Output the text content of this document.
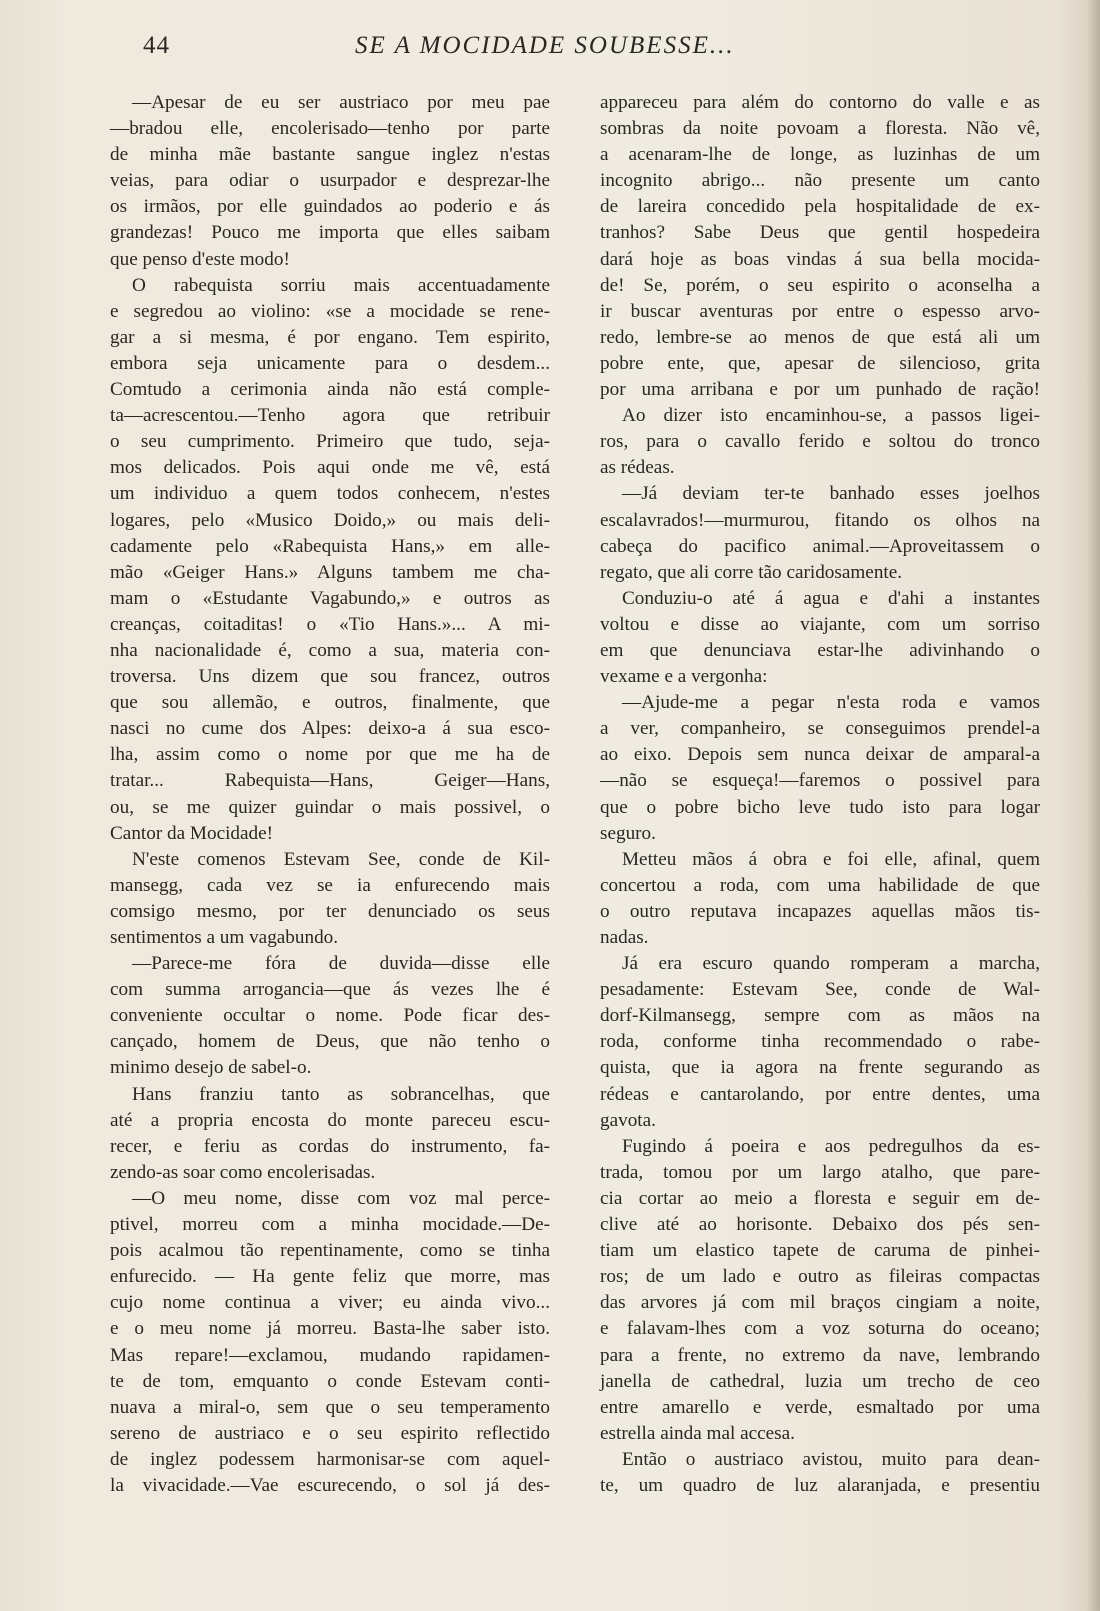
44	SE A MOCIDADE SOUBESSE...
—Apesar de eu ser austriaco por meu pae
—bradou elle, encolerisado—tenho por parte
de minha mãe bastante sangue inglez n'estas
veias, para odiar o usurpador e desprezar-lhe
os irmãos, por elle guindados ao poderio e ás
grandezas! Pouco me importa que elles saibam
que penso d'este modo!
O rabequista sorriu mais accentuadamente
e segredou ao violino: «se a mocidade se rene-
gar a si mesma, é por engano. Tem espirito,
embora seja unicamente para o desdem...
Comtudo a cerimonia ainda não está comple-
ta—acrescentou.—Tenho agora que retribuir
o seu cumprimento. Primeiro que tudo, seja-
mos delicados. Pois aqui onde me vê, está
um individuo a quem todos conhecem, n'estes
logares, pelo «Musico Doido,» ou mais deli-
cadamente pelo «Rabequista Hans,» em alle-
mão «Geiger Hans.» Alguns tambem me cha-
mam o «Estudante Vagabundo,» e outros as
creanças, coitaditas! o «Tio Hans.»... A mi-
nha nacionalidade é, como a sua, materia con-
troversa. Uns dizem que sou francez, outros
que sou allemão, e outros, finalmente, que
nasci no cume dos Alpes: deixo-a á sua esco-
lha, assim como o nome por que me ha de
tratar... Rabequista—Hans, Geiger—Hans,
ou, se me quizer guindar o mais possivel, o
Cantor da Mocidade!
N'este comenos Estevam See, conde de Kil-
mansegg, cada vez se ia enfurecendo mais
comsigo mesmo, por ter denunciado os seus
sentimentos a um vagabundo.
—Parece-me fóra de duvida—disse elle
com summa arrogancia—que ás vezes lhe é
conveniente occultar o nome. Pode ficar des-
cançado, homem de Deus, que não tenho o
minimo desejo de sabel-o.
Hans franziu tanto as sobrancelhas, que
até a propria encosta do monte pareceu escu-
recer, e feriu as cordas do instrumento, fa-
zendo-as soar como encolerisadas.
—O meu nome, disse com voz mal perce-
ptivel, morreu com a minha mocidade.—De-
pois acalmou tão repentinamente, como se tinha
enfurecido. — Ha gente feliz que morre, mas
cujo nome continua a viver; eu ainda vivo...
e o meu nome já morreu. Basta-lhe saber isto.
Mas repare!—exclamou, mudando rapidamen-
te de tom, emquanto o conde Estevam conti-
nuava a miral-o, sem que o seu temperamento
sereno de austriaco e o seu espirito reflectido
de inglez podessem harmonisar-se com aquel-
la vivacidade.—Vae escurecendo, o sol já des-
appareceu para além do contorno do valle e as
sombras da noite povoam a floresta. Não vê,
a acenaram-lhe de longe, as luzinhas de um
incognito abrigo... não presente um canto
de lareira concedido pela hospitalidade de ex-
tranhos? Sabe Deus que gentil hospedeira
dará hoje as boas vindas á sua bella mocida-
de! Se, porém, o seu espirito o aconselha a
ir buscar aventuras por entre o espesso arvo-
redo, lembre-se ao menos de que está ali um
pobre ente, que, apesar de silencioso, grita
por uma arribana e por um punhado de ração!
Ao dizer isto encaminhou-se, a passos ligei-
ros, para o cavallo ferido e soltou do tronco
as rédeas.
—Já deviam ter-te banhado esses joelhos
escalavrados!—murmurou, fitando os olhos na
cabeça do pacifico animal.—Aproveitassem o
regato, que ali corre tão caridosamente.
Conduziu-o até á agua e d'ahi a instantes
voltou e disse ao viajante, com um sorriso
em que denunciava estar-lhe adivinhando o
vexame e a vergonha:
—Ajude-me a pegar n'esta roda e vamos
a ver, companheiro, se conseguimos prendel-a
ao eixo. Depois sem nunca deixar de amparal-a
—não se esqueça!—faremos o possivel para
que o pobre bicho leve tudo isto para logar
seguro.
Metteu mãos á obra e foi elle, afinal, quem
concertou a roda, com uma habilidade de que
o outro reputava incapazes aquellas mãos tis-
nadas.
Já era escuro quando romperam a marcha,
pesadamente: Estevam See, conde de Wal-
dorf-Kilmansegg, sempre com as mãos na
roda, conforme tinha recommendado o rabe-
quista, que ia agora na frente segurando as
rédeas e cantarolando, por entre dentes, uma
gavota.
Fugindo á poeira e aos pedregulhos da es-
trada, tomou por um largo atalho, que pare-
cia cortar ao meio a floresta e seguir em de-
clive até ao horisonte. Debaixo dos pés sen-
tiam um elastico tapete de caruma de pinhei-
ros; de um lado e outro as fileiras compactas
das arvores já com mil braços cingiam a noite,
e falavam-lhes com a voz soturna do oceano;
para a frente, no extremo da nave, lembrando
janella de cathedral, luzia um trecho de ceo
entre amarello e verde, esmaltado por uma
estrella ainda mal accesa.
Então o austriaco avistou, muito para dean-
te, um quadro de luz alaranjada, e presentiu
